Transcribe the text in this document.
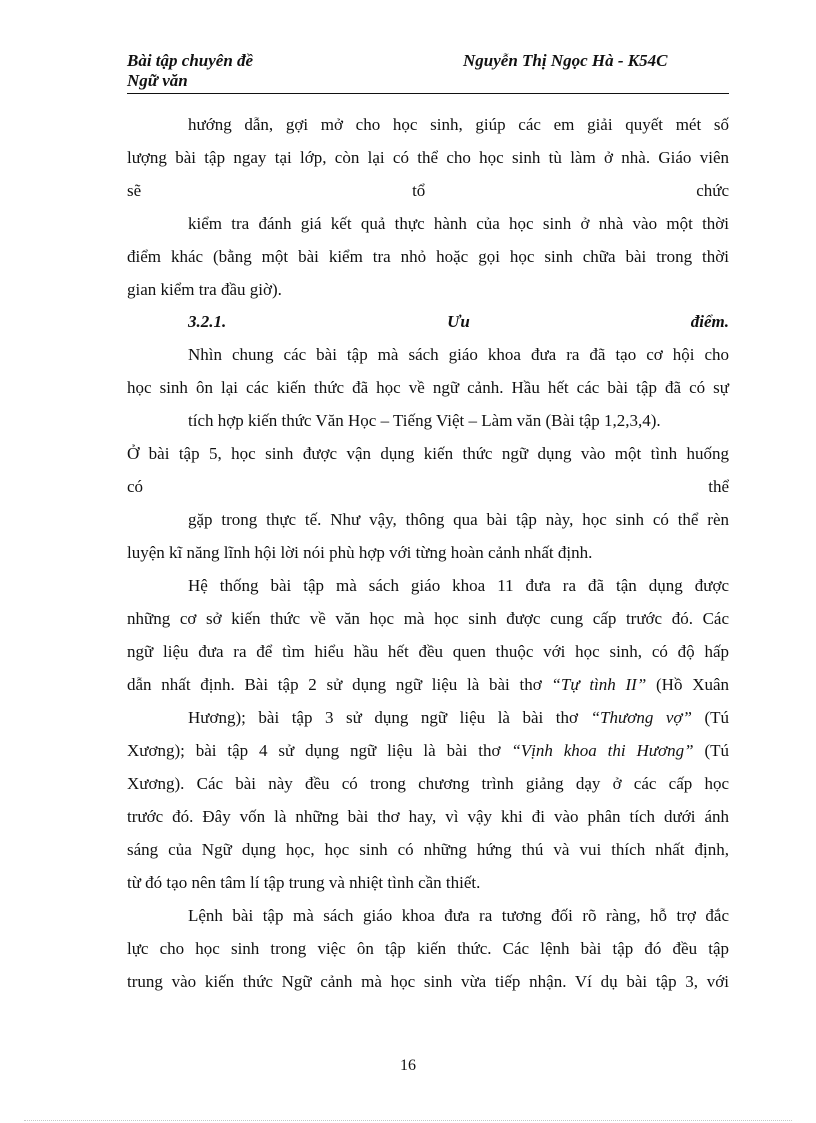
Bài tập chuyên đề
Ngữ văn
Nguyễn Thị Ngọc Hà - K54C
hướng dẫn, gợi mở cho học sinh, giúp các em giải quyết mét số
lượng bài tập ngay tại lớp, còn lại có thể cho học sinh tù làm ở nhà. Giáo viên
sẽ	tổ	chức
kiểm tra đánh giá kết quả thực hành của học sinh ở nhà vào một thời
điểm khác (bằng một bài kiểm tra nhỏ hoặc gọi học sinh chữa bài trong thời
gian kiểm tra đầu giờ).
3.2.1.	Ưu	điểm.
Nhìn chung các bài tập mà sách giáo khoa đưa ra đã tạo cơ hội cho
học sinh ôn lại các kiến thức đã học về ngữ cảnh. Hầu hết các bài tập đã có sự
tích hợp kiến thức Văn Học – Tiếng Việt – Làm văn (Bài tập 1,2,3,4).
Ở bài tập 5, học sinh được vận dụng kiến thức ngữ dụng vào một tình huống
có	thể
gặp trong thực tế. Như vậy, thông qua bài tập này, học sinh có thể rèn
luyện kĩ năng lĩnh hội lời nói phù hợp với từng hoàn cảnh nhất định.
Hệ thống bài tập mà sách giáo khoa 11 đưa ra đã tận dụng được
những cơ sở kiến thức về văn học mà học sinh được cung cấp trước đó. Các
ngữ liệu đưa ra để tìm hiểu hầu hết đều quen thuộc với học sinh, có độ hấp
dẫn nhất định. Bài tập 2 sử dụng ngữ liệu là bài thơ “Tự tình II” (Hồ Xuân
Hương); bài tập 3 sử dụng ngữ liệu là bài thơ “Thương vợ” (Tú
Xương); bài tập 4 sử dụng ngữ liệu là bài thơ “Vịnh khoa thi Hương” (Tú
Xương). Các bài này đều có trong chương trình giảng dạy ở các cấp học
trước đó. Đây vốn là những bài thơ hay, vì vậy khi đi vào phân tích dưới ánh
sáng của Ngữ dụng học, học sinh có những hứng thú và vui thích nhất định,
từ đó tạo nên tâm lí tập trung và nhiệt tình cần thiết.
Lệnh bài tập mà sách giáo khoa đưa ra tương đối rõ ràng, hỗ trợ đắc
lực cho học sinh trong việc ôn tập kiến thức. Các lệnh bài tập đó đều tập
trung vào kiến thức Ngữ cảnh mà học sinh vừa tiếp nhận. Ví dụ bài tập 3, với
16
